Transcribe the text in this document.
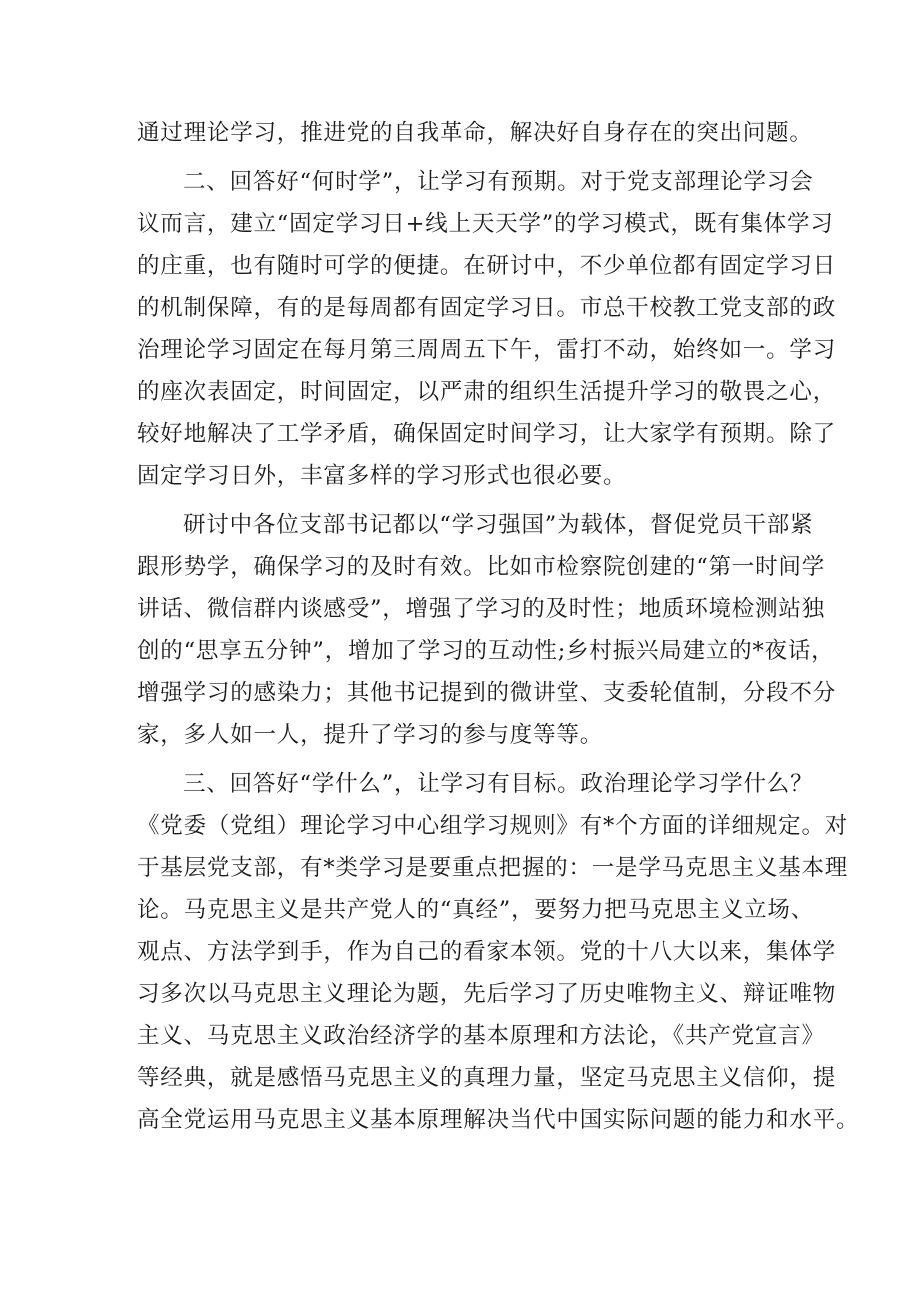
通过理论学习，推进党的自我革命，解决好自身存在的突出问题。
二、回答好“何时学”，让学习有预期。对于党支部理论学习会
议而言，建立“固定学习日+线上天天学”的学习模式，既有集体学习
的庄重，也有随时可学的便捷。在研讨中，不少单位都有固定学习日
的机制保障，有的是每周都有固定学习日。市总干校教工党支部的政
治理论学习固定在每月第三周周五下午，雷打不动，始终如一。学习
的座次表固定，时间固定，以严肃的组织生活提升学习的敬畏之心，
较好地解决了工学矛盾，确保固定时间学习，让大家学有预期。除了
固定学习日外，丰富多样的学习形式也很必要。
研讨中各位支部书记都以“学习强国”为载体，督促党员干部紧
跟形势学，确保学习的及时有效。比如市检察院创建的“第一时间学
讲话、微信群内谈感受”，增强了学习的及时性；地质环境检测站独
创的“思享五分钟”，增加了学习的互动性;乡村振兴局建立的*夜话，
增强学习的感染力；其他书记提到的微讲堂、支委轮值制，分段不分
家，多人如一人，提升了学习的参与度等等。
三、回答好“学什么”，让学习有目标。政治理论学习学什么？
《党委（党组）理论学习中心组学习规则》有*个方面的详细规定。对
于基层党支部，有*类学习是要重点把握的：一是学马克思主义基本理
论。马克思主义是共产党人的“真经”，要努力把马克思主义立场、
观点、方法学到手，作为自己的看家本领。党的十八大以来，集体学
习多次以马克思主义理论为题，先后学习了历史唯物主义、辩证唯物
主义、马克思主义政治经济学的基本原理和方法论，《共产党宣言》
等经典，就是感悟马克思主义的真理力量，坚定马克思主义信仰，提
高全党运用马克思主义基本原理解决当代中国实际问题的能力和水平。
